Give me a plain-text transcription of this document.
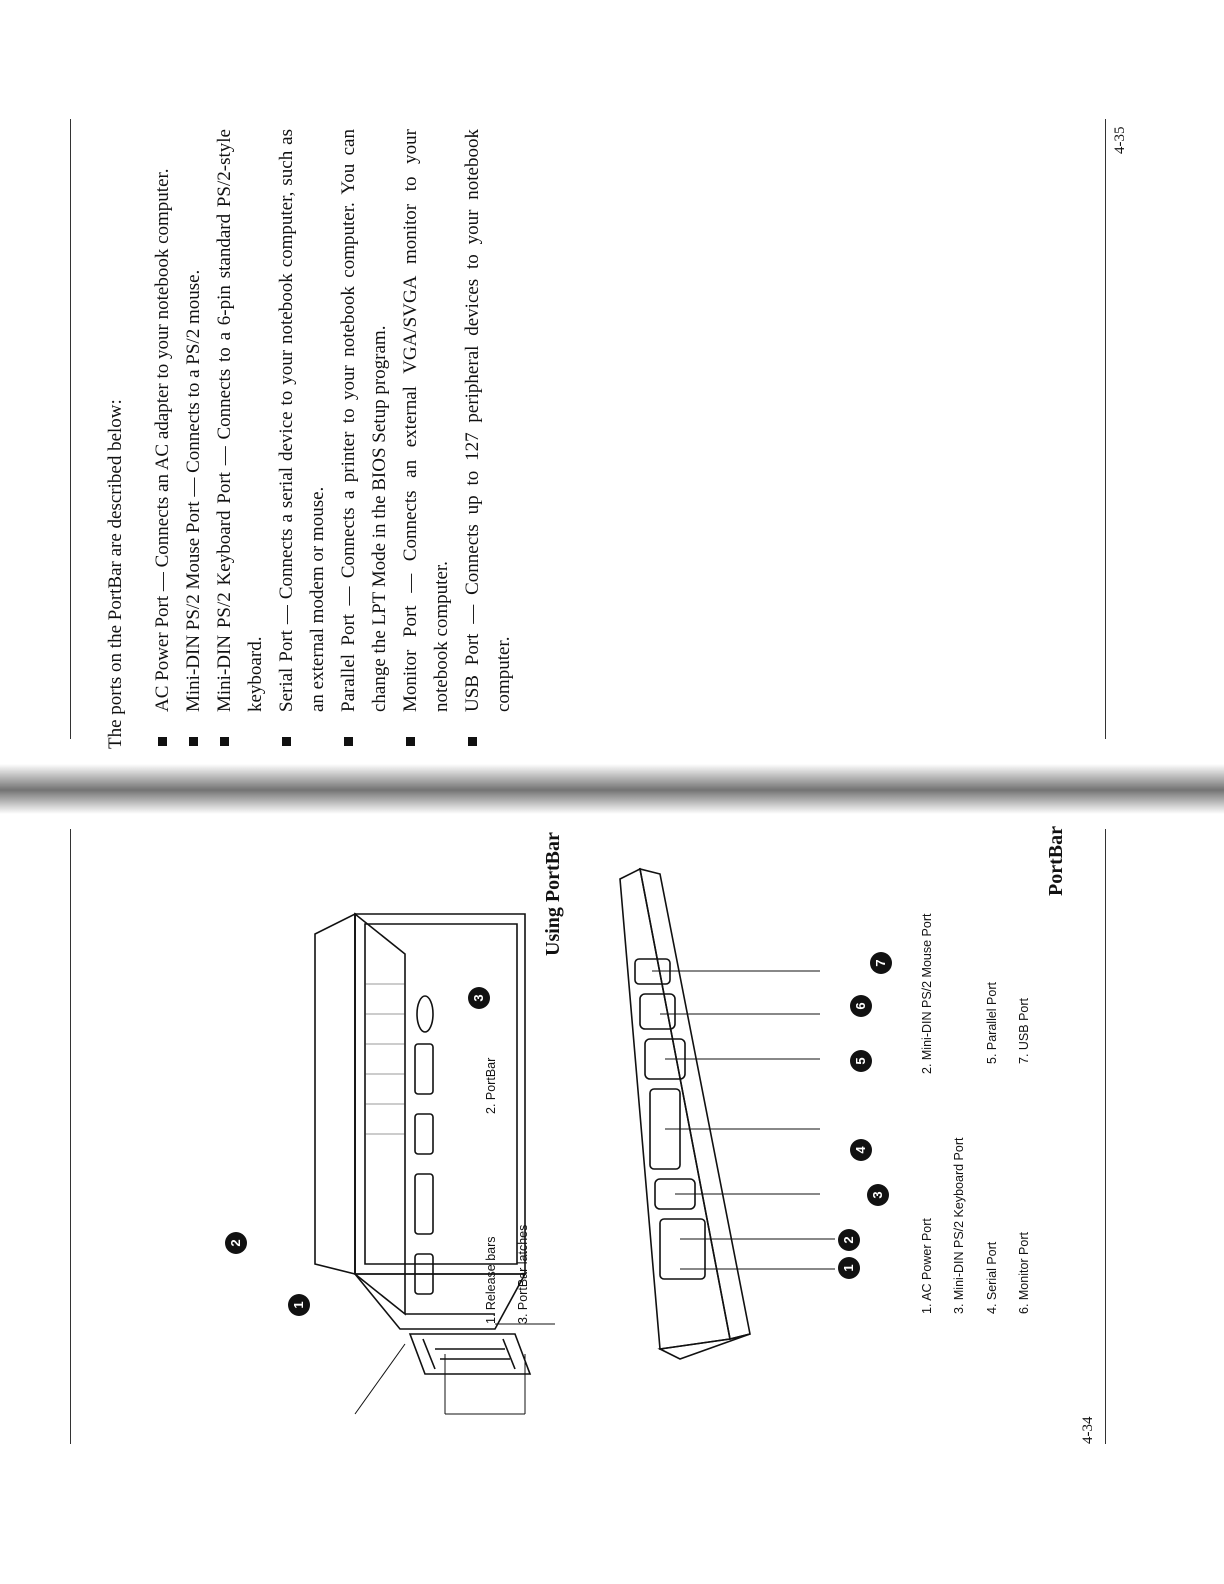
4-34
1
2
3
1. Release bars
2. PortBar
3. PortBar latches
Using PortBar
1
2
3
4
5
6
7
1. AC Power Port
2. Mini-DIN PS/2 Mouse Port
3. Mini-DIN PS/2 Keyboard Port 4. Serial Port
5. Parallel Port
6. Monitor Port
7. USB Port
PortBar
4-35

The ports on the PortBar are described below: AC Power Port — Connects an AC adapter to your notebook computer. Mini-DIN PS/2 Mouse Port — Connects to a PS/2 mouse. Mini-DIN PS/2 Keyboard Port — Connects to a 6-pin standard PS/2-style keyboard. Serial Port — Connects a serial device to your notebook computer, such as an external modem or mouse. Parallel Port — Connects a printer to your notebook computer. You can change the LPT Mode in the BIOS Setup program. Monitor Port — Connects an external VGA/SVGA monitor to your notebook computer. USB Port — Connects up to 127 peripheral devices to your notebook computer.
